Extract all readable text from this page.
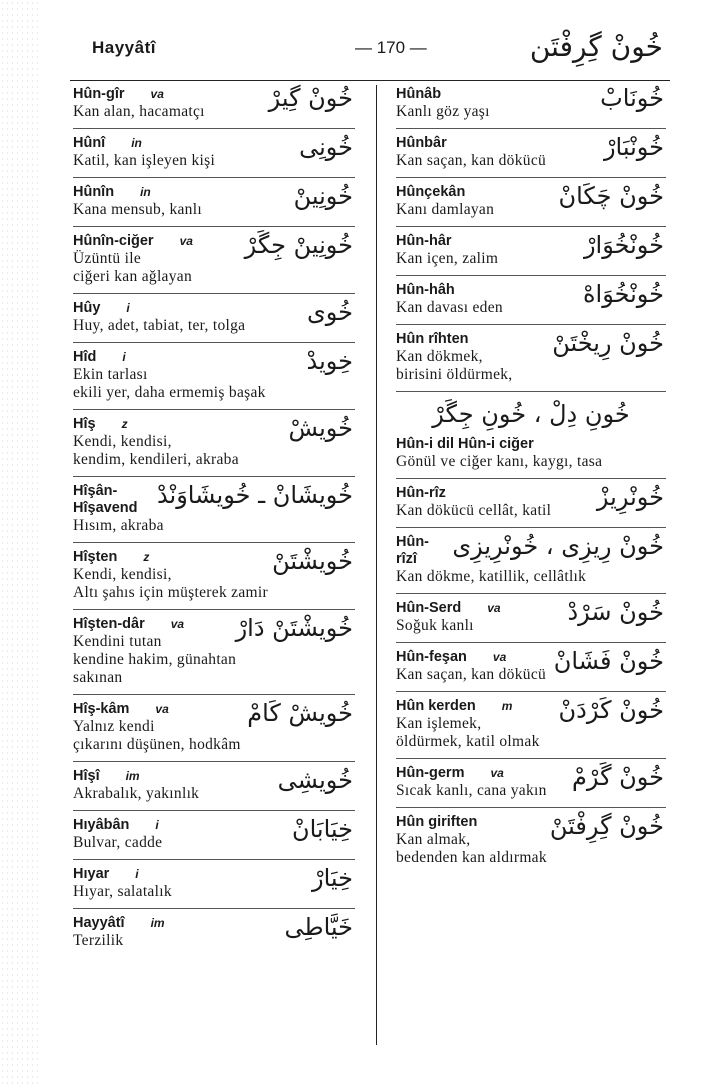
Hayyâtî	— 170 —	خُونْ گِرِفْتَن
Hûn-gîr va
Kan alan, hacamatçı	خُونْ گِيرْ
Hûnî in
Katil, kan işleyen kişi	خُونِى
Hûnîn in
Kana mensub, kanlı	خُونِينْ
Hûnîn-ciğer va
Üzüntü ile
ciğeri kan ağlayan
خُونِينْ جِگَرْ
Hûy i
Huy, adet, tabiat, ter, tolga	خُوى
Hîd i
Ekin tarlası
ekili yer, daha ermemiş başak
خِويدْ
Hîş z
Kendi, kendisi,
kendim, kendileri, akraba
خُويشْ
Hîşân-
Hîşavend
Hısım, akraba
خُويشَانْ ـ خُويشَاوَنْدْ
Hîşten z
Kendi, kendisi,
Altı şahıs için müşterek zamir
خُويشْتَنْ
Hîşten-dâr va
Kendini tutan
kendine hakim, günahtan
sakınan
خُويشْتَنْ دَارْ
Hîş-kâm va
Yalnız kendi
çıkarını düşünen, hodkâm
خُويشْ كَامْ
Hîşî im
Akrabalık, yakınlık	خُويشِى
Hıyâbân i
Bulvar, cadde	خِيَابَانْ
Hıyar i
Hıyar, salatalık	خِيَارْ
Hayyâtî im
Terzilik	خَيَّاطِى
Hûnâb
Kanlı göz yaşı	خُونَابْ
Hûnbâr
Kan saçan, kan dökücü	خُونْبَارْ
Hûnçekân
Kanı damlayan	خُونْ چَكَانْ
Hûn-hâr
Kan içen, zalim	خُونْخُوَارْ
Hûn-hâh
Kan davası eden	خُونْخُوَاهْ
Hûn rîhten
Kan dökmek,
birisini öldürmek,
خُونْ رِيخْتَنْ
خُونِ دِلْ ، خُونِ جِگَرْ
Hûn-i dil Hûn-i ciğer
Gönül ve ciğer kanı, kaygı, tasa
Hûn-rîz
Kan dökücü cellât, katil	خُونْرِيزْ
Hûn-
rîzî
Kan dökme, katillik, cellâtlık
خُونْ رِيزِى ، خُونْرِيزِى
Hûn-Serd va
Soğuk kanlı	خُونْ سَرْدْ
Hûn-feşan va
Kan saçan, kan dökücü خُونْ فَشَانْ
Hûn kerden m
Kan işlemek,
öldürmek, katil olmak
خُونْ كَرْدَنْ
Hûn-germ va
Sıcak kanlı, cana yakın	خُونْ گَرْمْ
Hûn giriften
Kan almak,
bedenden kan aldırmak
خُونْ گِرِفْتَنْ
